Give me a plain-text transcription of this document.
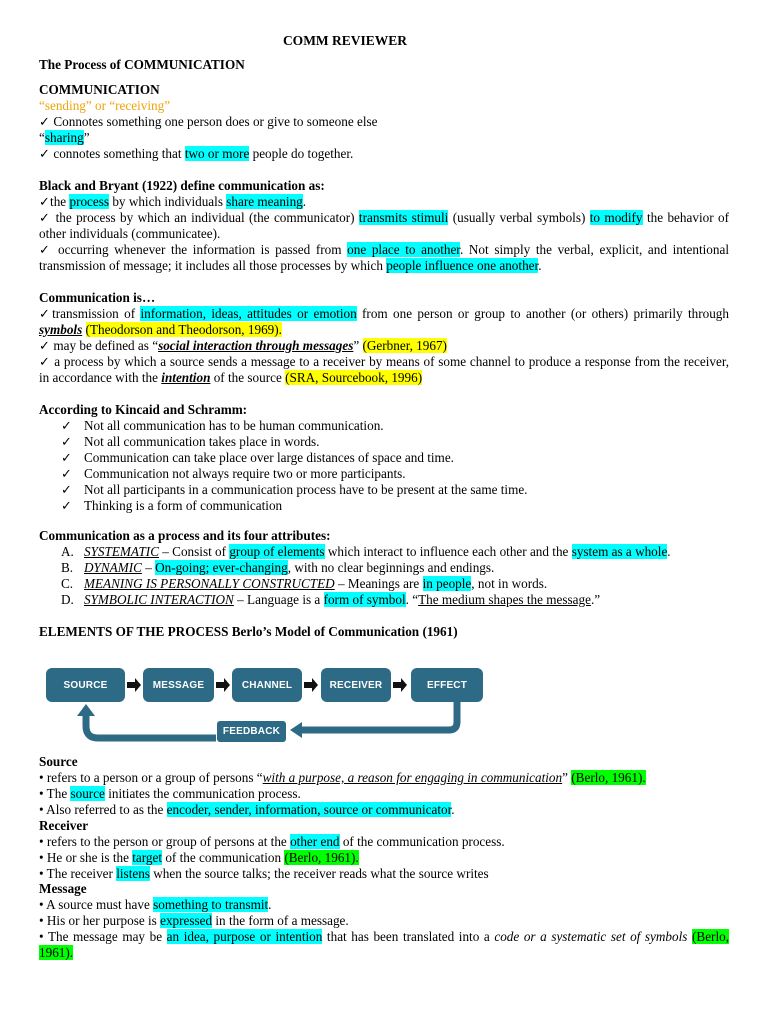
COMM REVIEWER
The Process of COMMUNICATION
COMMUNICATION
“sending” or “receiving”
✓ Connotes something one person does or give to someone else
“sharing”
✓ connotes something that two or more people do together.
Black and Bryant (1922) define communication as:
✓the process by which individuals share meaning.
✓ the process by which an individual (the communicator) transmits stimuli (usually verbal symbols) to modify the behavior of other individuals (communicatee).
✓ occurring whenever the information is passed from one place to another. Not simply the verbal, explicit, and intentional transmission of message; it includes all those processes by which people influence one another.
Communication is…
✓transmission of information, ideas, attitudes or emotion from one person or group to another (or others) primarily through symbols (Theodorson and Theodorson, 1969).
✓ may be defined as “social interaction through messages” (Gerbner, 1967)
✓ a process by which a source sends a message to a receiver by means of some channel to produce a response from the receiver, in accordance with the intention of the source (SRA, Sourcebook, 1996)
According to Kincaid and Schramm:
✓ Not all communication has to be human communication.
✓ Not all communication takes place in words.
✓ Communication can take place over large distances of space and time.
✓ Communication not always require two or more participants.
✓ Not all participants in a communication process have to be present at the same time.
✓ Thinking is a form of communication
Communication as a process and its four attributes:
A. SYSTEMATIC – Consist of group of elements which interact to influence each other and the system as a whole.
B. DYNAMIC – On-going; ever-changing, with no clear beginnings and endings.
C. MEANING IS PERSONALLY CONSTRUCTED – Meanings are in people, not in words.
D. SYMBOLIC INTERACTION – Language is a form of symbol. “The medium shapes the message.”
ELEMENTS OF THE PROCESS Berlo’s Model of Communication (1961)
Source
• refers to a person or a group of persons “with a purpose, a reason for engaging in communication” (Berlo, 1961).
• The source initiates the communication process.
• Also referred to as the encoder, sender, information, source or communicator.
Receiver
• refers to the person or group of persons at the other end of the communication process.
• He or she is the target of the communication (Berlo, 1961).
• The receiver listens when the source talks; the receiver reads what the source writes
Message
• A source must have something to transmit.
• His or her purpose is expressed in the form of a message.
• The message may be an idea, purpose or intention that has been translated into a code or a systematic set of symbols (Berlo, 1961).
SOURCE	MESSAGE	CHANNEL	RECEIVER	EFFECT
FEEDBACK
